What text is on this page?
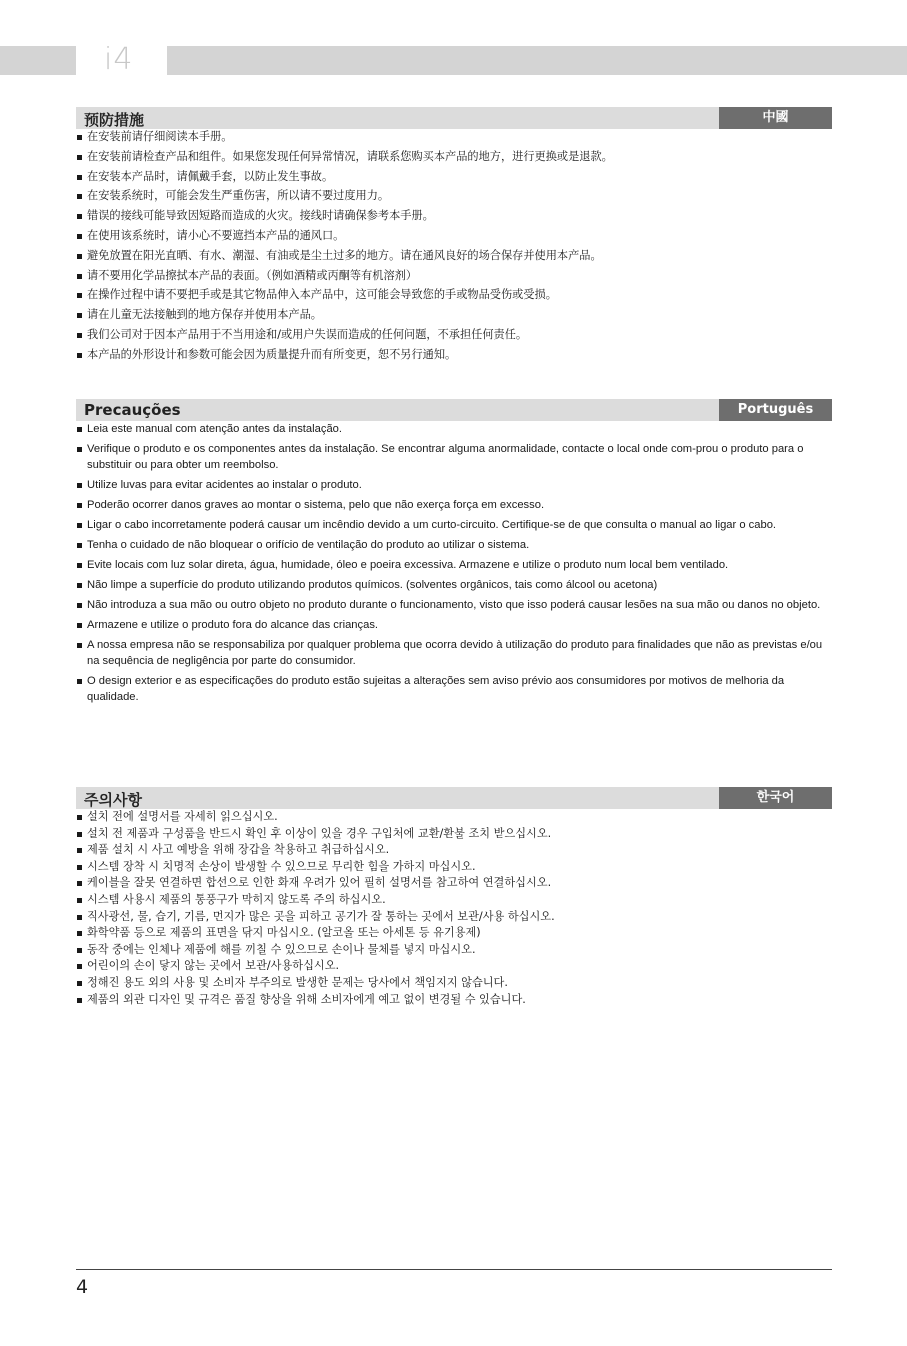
i4
预防措施	中國
在安装前请仔细阅读本手册。
在安装前请检查产品和组件。如果您发现任何异常情况，请联系您购买本产品的地方，进行更换或是退款。
在安装本产品时，请佩戴手套，以防止发生事故。
在安装系统时，可能会发生严重伤害，所以请不要过度用力。
错误的接线可能导致因短路而造成的火灾。接线时请确保参考本手册。
在使用该系统时，请小心不要遮挡本产品的通风口。
避免放置在阳光直晒、有水、潮湿、有油或是尘土过多的地方。请在通风良好的场合保存并使用本产品。
请不要用化学品擦拭本产品的表面。（例如酒精或丙酮等有机溶剂）
在操作过程中请不要把手或是其它物品伸入本产品中，这可能会导致您的手或物品受伤或受损。
请在儿童无法接触到的地方保存并使用本产品。
我们公司对于因本产品用于不当用途和/或用户失误而造成的任何问题，不承担任何责任。
本产品的外形设计和参数可能会因为质量提升而有所变更，恕不另行通知。
Precauções	Português
Leia este manual com atenção antes da instalação.
Verifique o produto e os componentes antes da instalação. Se encontrar alguma anormalidade, contacte o local onde com-prou o produto para o substituir ou para obter um reembolso.
Utilize luvas para evitar acidentes ao instalar o produto.
Poderão ocorrer danos graves ao montar o sistema, pelo que não exerça força em excesso.
Ligar o cabo incorretamente poderá causar um incêndio devido a um curto-circuito. Certifique-se de que consulta o manual ao ligar o cabo.
Tenha o cuidado de não bloquear o orifício de ventilação do produto ao utilizar o sistema.
Evite locais com luz solar direta, água, humidade, óleo e poeira excessiva. Armazene e utilize o produto num local bem ventilado.
Não limpe a superfície do produto utilizando produtos químicos. (solventes orgânicos, tais como álcool ou acetona)
Não introduza a sua mão ou outro objeto no produto durante o funcionamento, visto que isso poderá causar lesões na sua mão ou danos no objeto.
Armazene e utilize o produto fora do alcance das crianças.
A nossa empresa não se responsabiliza por qualquer problema que ocorra devido à utilização do produto para finalidades que não as previstas e/ou na sequência de negligência por parte do consumidor.
O design exterior e as especificações do produto estão sujeitas a alterações sem aviso prévio aos consumidores por motivos de melhoria da qualidade.
주의사항	한국어
설치 전에 설명서를 자세히 읽으십시오.
설치 전 제품과 구성품을 반드시 확인 후 이상이 있을 경우 구입처에 교환/환불 조치 받으십시오.
제품 설치 시 사고 예방을 위해 장갑을 착용하고 취급하십시오.
시스템 장착 시 치명적 손상이 발생할 수 있으므로 무리한 힘을 가하지 마십시오.
케이블을 잘못 연결하면 합선으로 인한 화재 우려가 있어 필히 설명서를 참고하여 연결하십시오.
시스템 사용시 제품의 통풍구가 막히지 않도록 주의 하십시오.
직사광선, 물, 습기, 기름, 먼지가 많은 곳을 피하고 공기가 잘 통하는 곳에서 보관/사용 하십시오.
화학약품 등으로 제품의 표면을 닦지 마십시오. (알코올 또는 아세톤 등 유기용제)
동작 중에는 인체나 제품에 해를 끼칠 수 있으므로 손이나 물체를 넣지 마십시오.
어린이의 손이 닿지 않는 곳에서 보관/사용하십시오.
정해진 용도 외의 사용 및 소비자 부주의로 발생한 문제는 당사에서 책임지지 않습니다.
제품의 외관 디자인 및 규격은 품질 향상을 위해 소비자에게 예고 없이 변경될 수 있습니다.
4
